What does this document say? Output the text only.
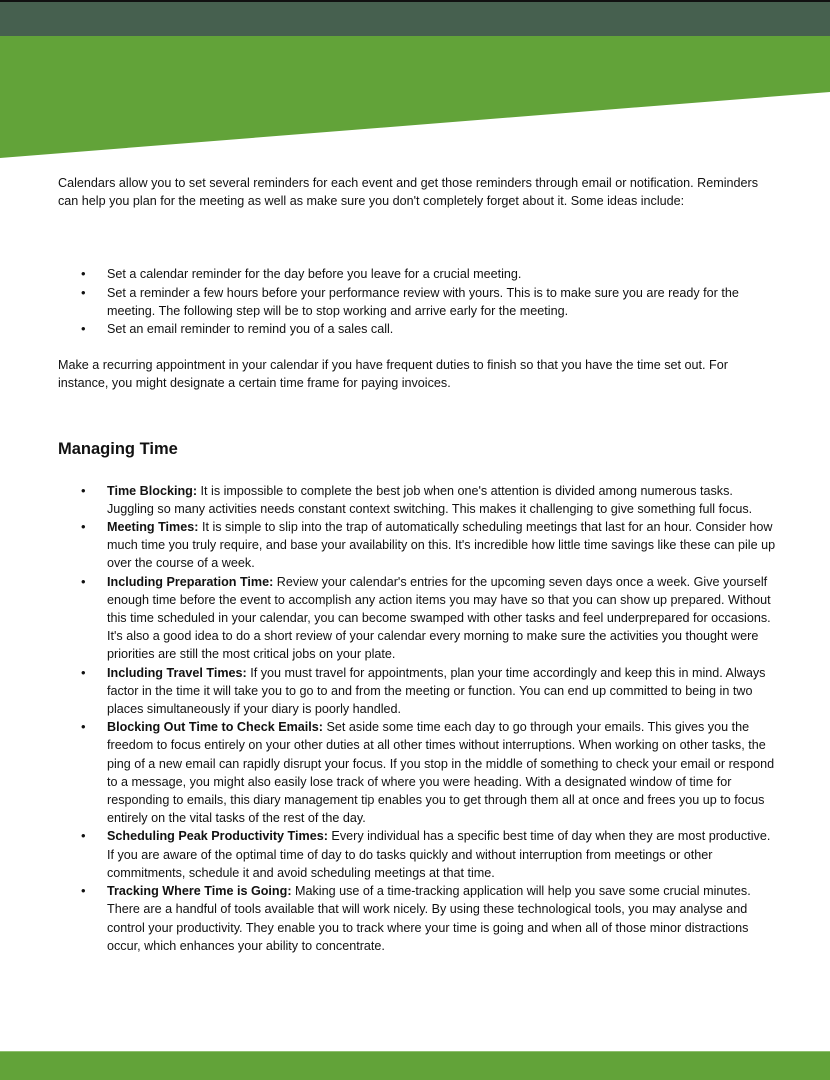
Calendars allow you to set several reminders for each event and get those reminders through email or notification. Reminders can help you plan for the meeting as well as make sure you don't completely forget about it. Some ideas include:

• Set a calendar reminder for the day before you leave for a crucial meeting.
• Set a reminder a few hours before your performance review with yours. This is to make sure you are ready for the meeting. The following step will be to stop working and arrive early for the meeting.
• Set an email reminder to remind you of a sales call.

Make a recurring appointment in your calendar if you have frequent duties to finish so that you have the time set out. For instance, you might designate a certain time frame for paying invoices.

Managing Time
• Time Blocking: It is impossible to complete the best job when one's attention is divided among numerous tasks. Juggling so many activities needs constant context switching. This makes it challenging to give something full focus.
• Meeting Times: It is simple to slip into the trap of automatically scheduling meetings that last for an hour. Consider how much time you truly require, and base your availability on this. It's incredible how little time savings like these can pile up over the course of a week.
• Including Preparation Time: Review your calendar's entries for the upcoming seven days once a week. Give yourself enough time before the event to accomplish any action items you may have so that you can show up prepared. Without this time scheduled in your calendar, you can become swamped with other tasks and feel underprepared for occasions. It's also a good idea to do a short review of your calendar every morning to make sure the activities you thought were priorities are still the most critical jobs on your plate.
• Including Travel Times: If you must travel for appointments, plan your time accordingly and keep this in mind. Always factor in the time it will take you to go to and from the meeting or function. You can end up committed to being in two places simultaneously if your diary is poorly handled.
• Blocking Out Time to Check Emails: Set aside some time each day to go through your emails. This gives you the freedom to focus entirely on your other duties at all other times without interruptions. When working on other tasks, the ping of a new email can rapidly disrupt your focus. If you stop in the middle of something to check your email or respond to a message, you might also easily lose track of where you were heading. With a designated window of time for responding to emails, this diary management tip enables you to get through them all at once and frees you up to focus entirely on the vital tasks of the rest of the day.
• Scheduling Peak Productivity Times: Every individual has a specific best time of day when they are most productive. If you are aware of the optimal time of day to do tasks quickly and without interruption from meetings or other commitments, schedule it and avoid scheduling meetings at that time.
• Tracking Where Time is Going: Making use of a time-tracking application will help you save some crucial minutes. There are a handful of tools available that will work nicely. By using these technological tools, you may analyse and control your productivity. They enable you to track where your time is going and when all of those minor distractions occur, which enhances your ability to concentrate.
